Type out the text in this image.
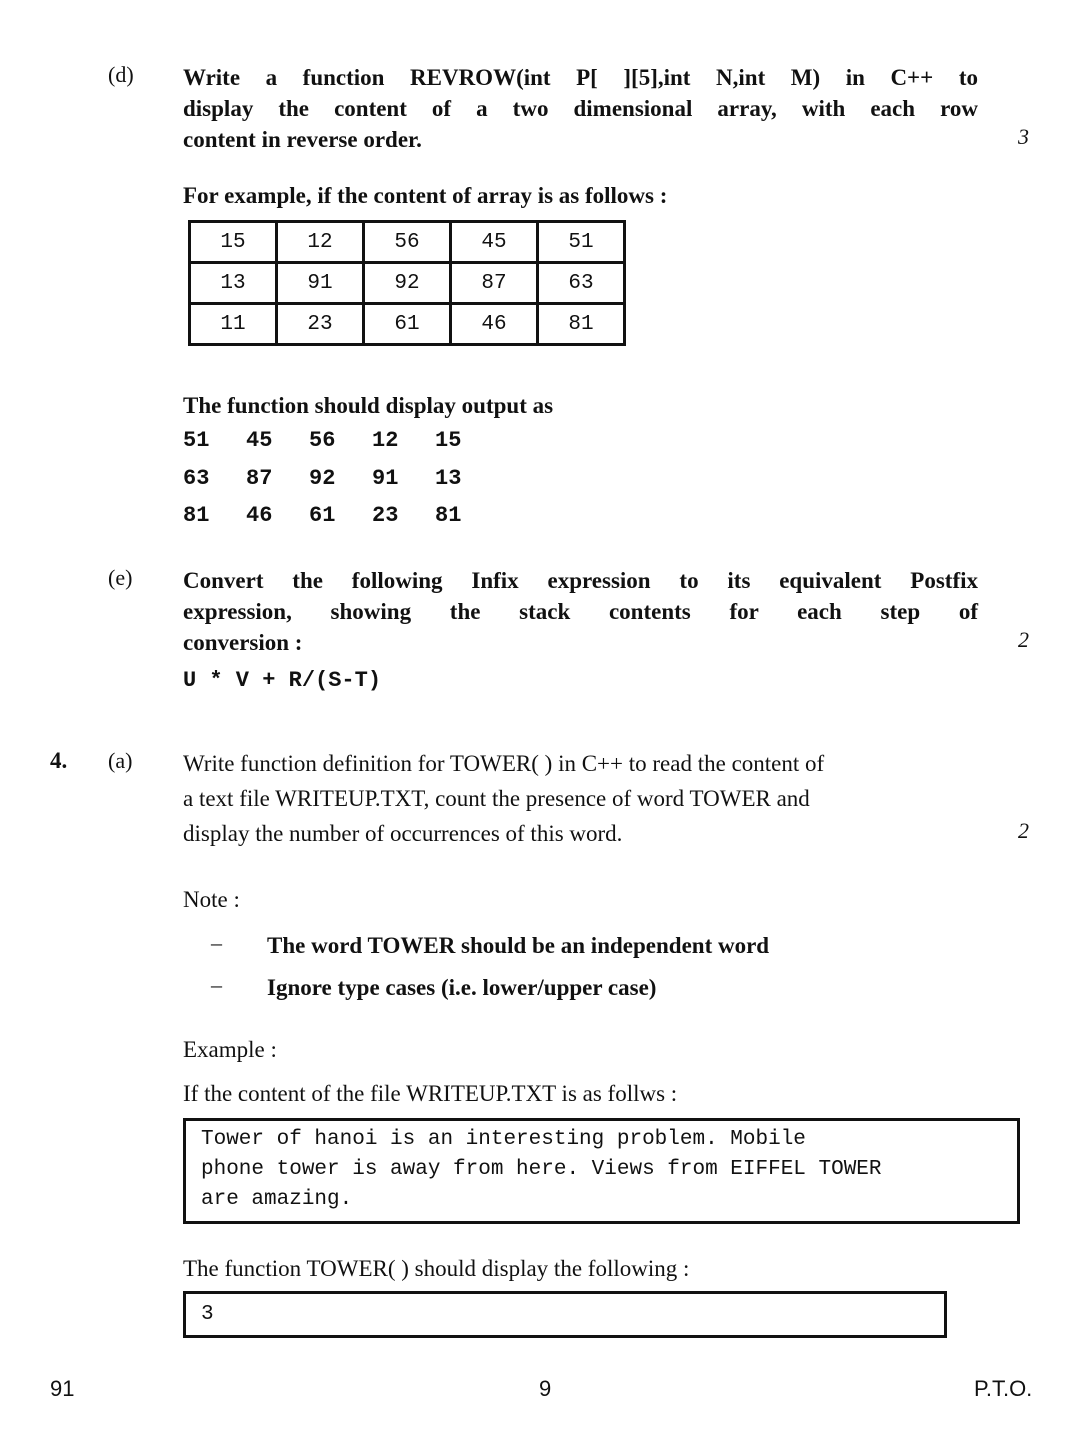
(d) Write a function REVROW(int P[ ][5],int N,int M) in C++ to
display the content of a two dimensional array, with each row
content in reverse order.	3
For example, if the content of array is as follows :
15	12	56	45	51
13	91	92	87	63
11	23	61	46	81
The function should display output as
51 45 56 12 15
63 87 92 91 13
81 46 61 23 81
(e) Convert the following Infix expression to its equivalent Postfix
expression, showing the stack contents for each step of
conversion :	2
U * V + R/(S-T)
4. (a) Write function definition for TOWER( ) in C++ to read the content of
a text file WRITEUP.TXT, count the presence of word TOWER and
display the number of occurrences of this word.	2
Note :
– The word TOWER should be an independent word
– Ignore type cases (i.e. lower/upper case)
Example :
If the content of the file WRITEUP.TXT is as follws :
Tower of hanoi is an interesting problem. Mobile
phone tower is away from here. Views from EIFFEL TOWER
are amazing.
The function TOWER( ) should display the following :
3
91	9	P.T.O.
